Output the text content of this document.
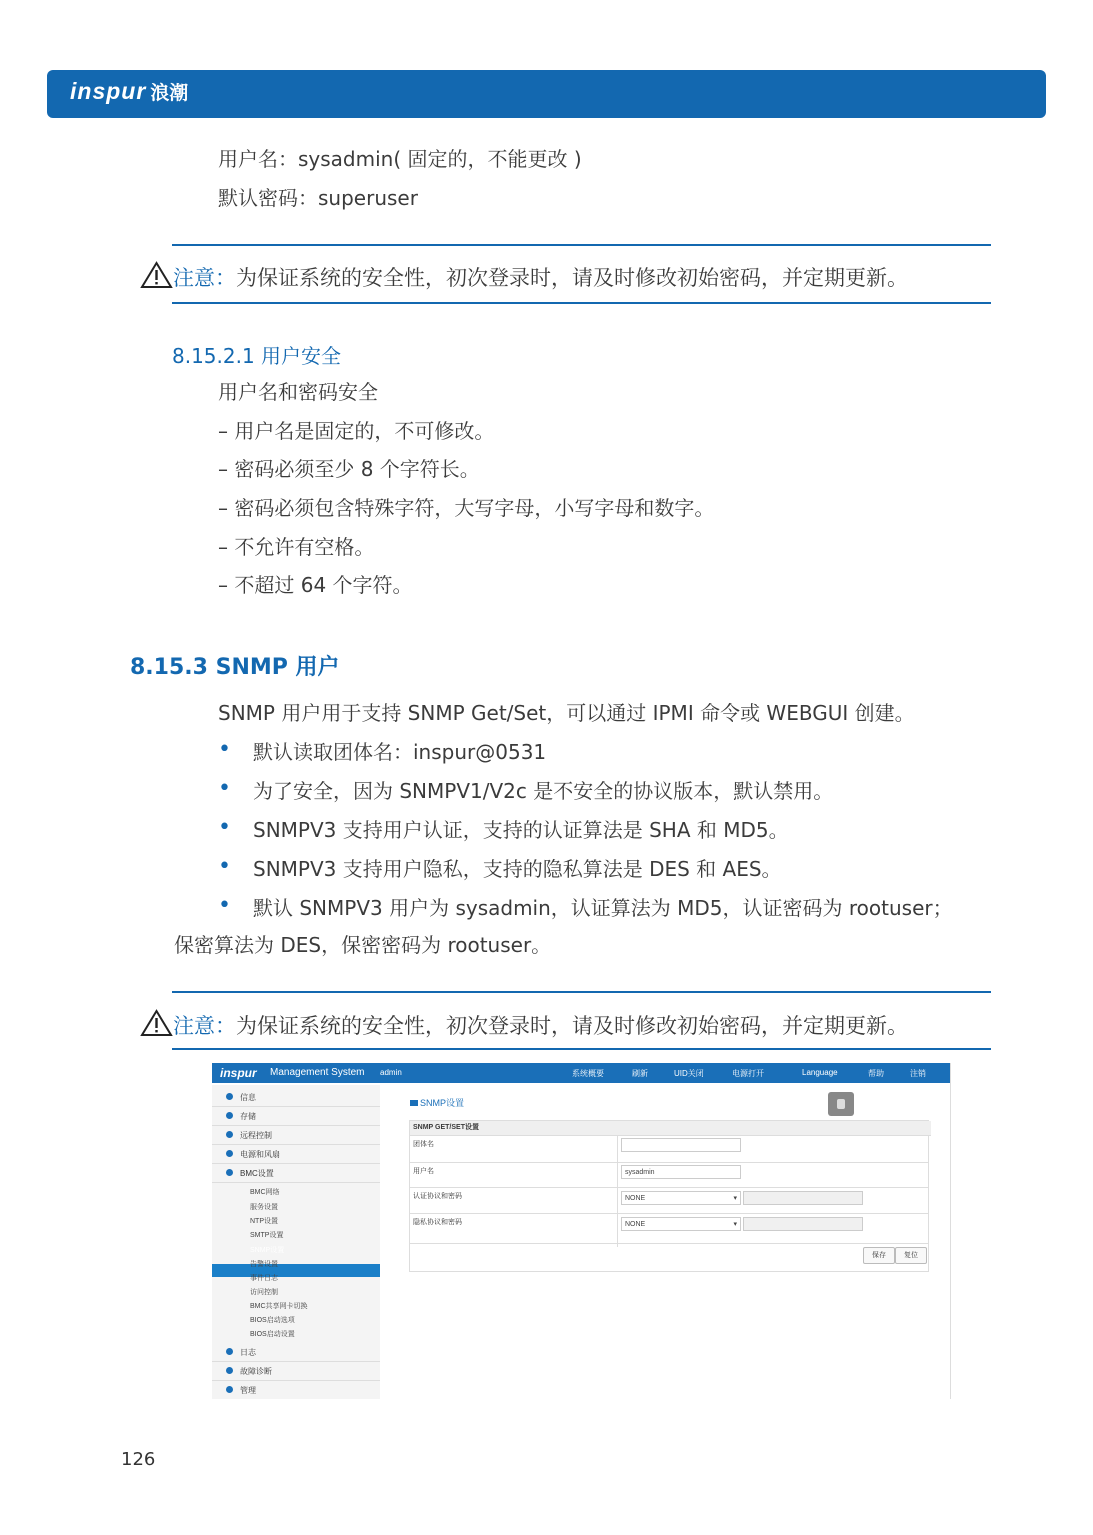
inspur 浪潮
用户名：sysadmin( 固定的，不能更改 )
默认密码：superuser
注意：为保证系统的安全性，初次登录时，请及时修改初始密码，并定期更新。
8.15.2.1 用户安全
用户名和密码安全
– 用户名是固定的，不可修改。
– 密码必须至少 8 个字符长。
– 密码必须包含特殊字符，大写字母，小写字母和数字。
– 不允许有空格。
– 不超过 64 个字符。
8.15.3 SNMP 用户
SNMP 用户用于支持 SNMP Get/Set，可以通过 IPMI 命令或 WEBGUI 创建。
• 默认读取团体名：inspur@0531
• 为了安全，因为 SNMPV1/V2c 是不安全的协议版本，默认禁用。
• SNMPV3 支持用户认证，支持的认证算法是 SHA 和 MD5。
• SNMPV3 支持用户隐私，支持的隐私算法是 DES 和 AES。
• 默认 SNMPV3 用户为 sysadmin，认证算法为 MD5，认证密码为 rootuser；
保密算法为 DES，保密密码为 rootuser。
注意：为保证系统的安全性，初次登录时，请及时修改初始密码，并定期更新。
inspur Management System admin	系统概要	刷新	UID关闭	电源打开	Language	帮助	注销
信息
存储
远程控制
电源和风扇
BMC设置
BMC网络
服务设置
NTP设置
SMTP设置
SNMP设置
告警设置
事件日志
访问控制
BMC共享网卡切换
BIOS启动选项
BIOS启动设置
日志
故障诊断
管理
SNMP设置
SNMP GET/SET设置
团体名
用户名	sysadmin
认证协议和密码	NONE	▾
隐私协议和密码	NONE	▾
保存	复位
126
